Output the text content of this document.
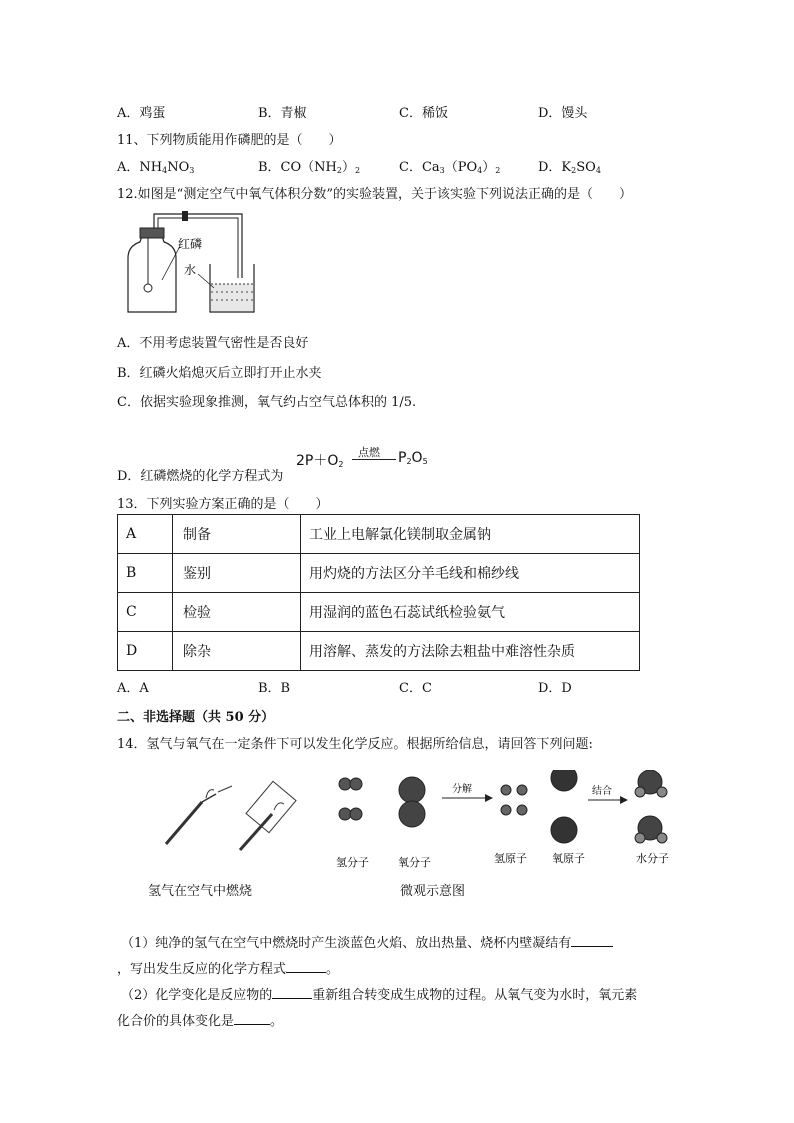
A．鸡蛋	B．青椒	C．稀饭	D．馒头
11、下列物质能用作磷肥的是（　　）
A．$NH_4NO_3$	B．$CO(NH_2)_2$	C．$Ca_3(PO_4)_2$	D．$K_2SO_4$
12.如图是“测定空气中氧气体积分数”的实验装置，关于该实验下列说法正确的是（　　）
红磷
水
A．不用考虑装置气密性是否良好
B．红磷火焰熄灭后立即打开止水夹
C．依据实验现象推测，氧气约占空气总体积的 1/5.
D．红磷燃烧的化学方程式为
$2P+O_2$
点燃 $P_2O_5$
13．下列实验方案正确的是（　　）
A	制备	工业上电解氯化镁制取金属钠
B	鉴别	用灼烧的方法区分羊毛线和棉纱线
C	检验	用湿润的蓝色石蕊试纸检验氨气
D	除杂	用溶解、蒸发的方法除去粗盐中难溶性杂质
A．A	B．B	C．C	D．D
二、非选择题（共 50 分）
14．氢气与氧气在一定条件下可以发生化学反应。根据所给信息，请回答下列问题:
氢气在空气中燃烧
分解	结合
氢分子	氧分子	氢原子 氧原子	水分子
微观示意图
（1）纯净的氢气在空气中燃烧时产生淡蓝色火焰、放出热量、烧杯内壁凝结有
，写出发生反应的化学方程式	。
（2）化学变化是反应物的	重新组合转变成生成物的过程。从氧气变为水时，氧元素
化合价的具体变化是	。
